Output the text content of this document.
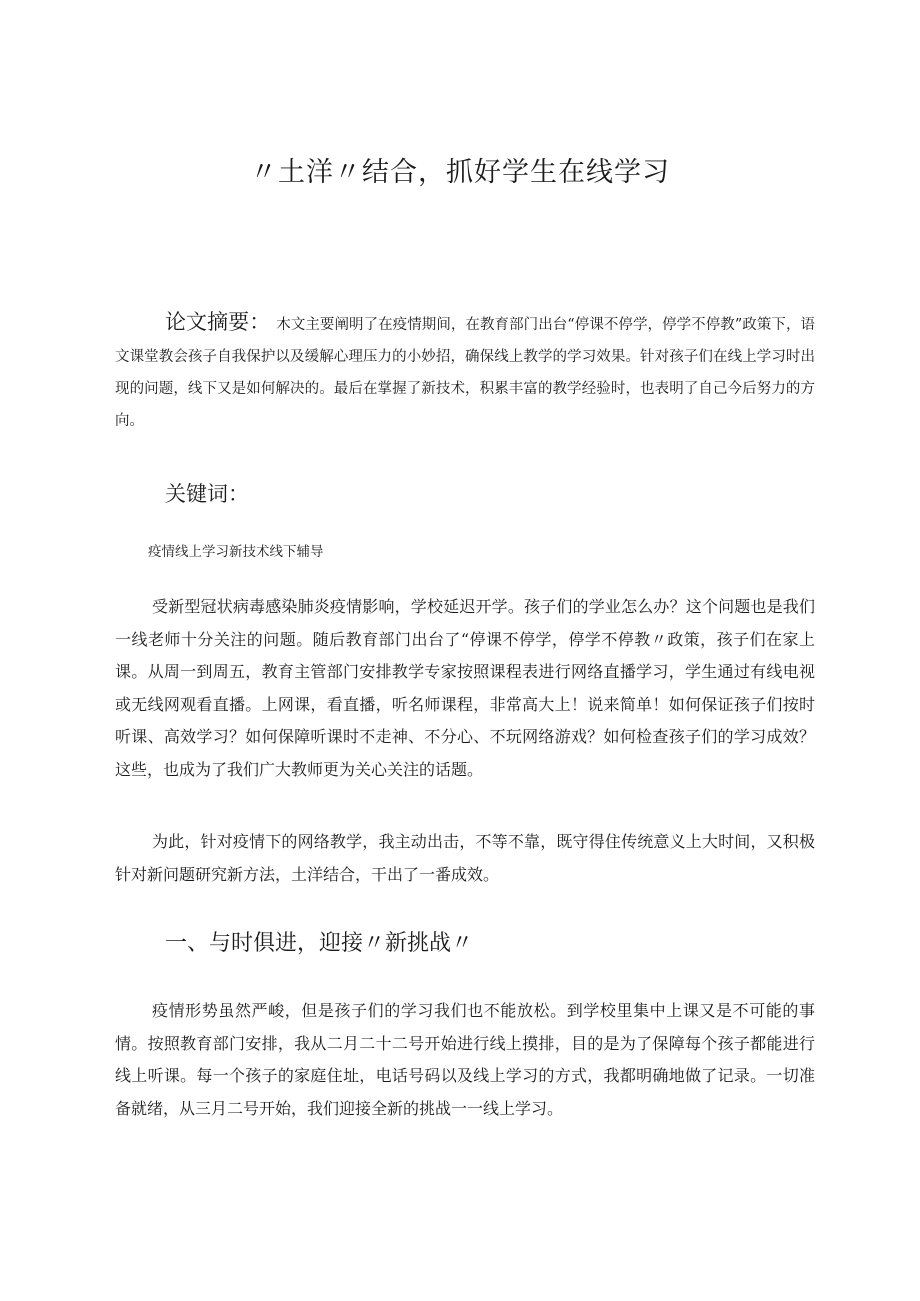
〃土洋〃结合，抓好学生在线学习

论文摘要： 木文主要阐明了在疫情期间，在教育部门出台“停课不停学，停学不停教”政策下，语文课堂教会孩子自我保护以及缓解心理压力的小妙招，确保线上教学的学习效果。针对孩子们在线上学习时出现的问题，线下又是如何解决的。最后在掌握了新技术，积累丰富的教学经验时，也表明了自己今后努力的方向。

关键词：

疫情线上学习新技术线下辅导

受新型冠状病毒感染肺炎疫情影响，学校延迟开学。孩子们的学业怎么办？这个问题也是我们一线老师十分关注的问题。随后教育部门出台了“停课不停学，停学不停教〃政策，孩子们在家上课。从周一到周五，教育主管部门安排教学专家按照课程表进行网络直播学习，学生通过有线电视或无线网观看直播。上网课，看直播，听名师课程，非常高大上！说来简单！如何保证孩子们按时听课、高效学习？如何保障听课时不走神、不分心、不玩网络游戏？如何检查孩子们的学习成效？这些，也成为了我们广大教师更为关心关注的话题。

为此，针对疫情下的网络教学，我主动出击，不等不靠，既守得住传统意义上大时间，又积极针对新问题研究新方法，土洋结合，干出了一番成效。

一、与时俱进，迎接〃新挑战〃

疫情形势虽然严峻，但是孩子们的学习我们也不能放松。到学校里集中上课又是不可能的事情。按照教育部门安排，我从二月二十二号开始进行线上摸排，目的是为了保障每个孩子都能进行线上听课。每一个孩子的家庭住址，电话号码以及线上学习的方式，我都明确地做了记录。一切准备就绪，从三月二号开始，我们迎接全新的挑战一一线上学习。
